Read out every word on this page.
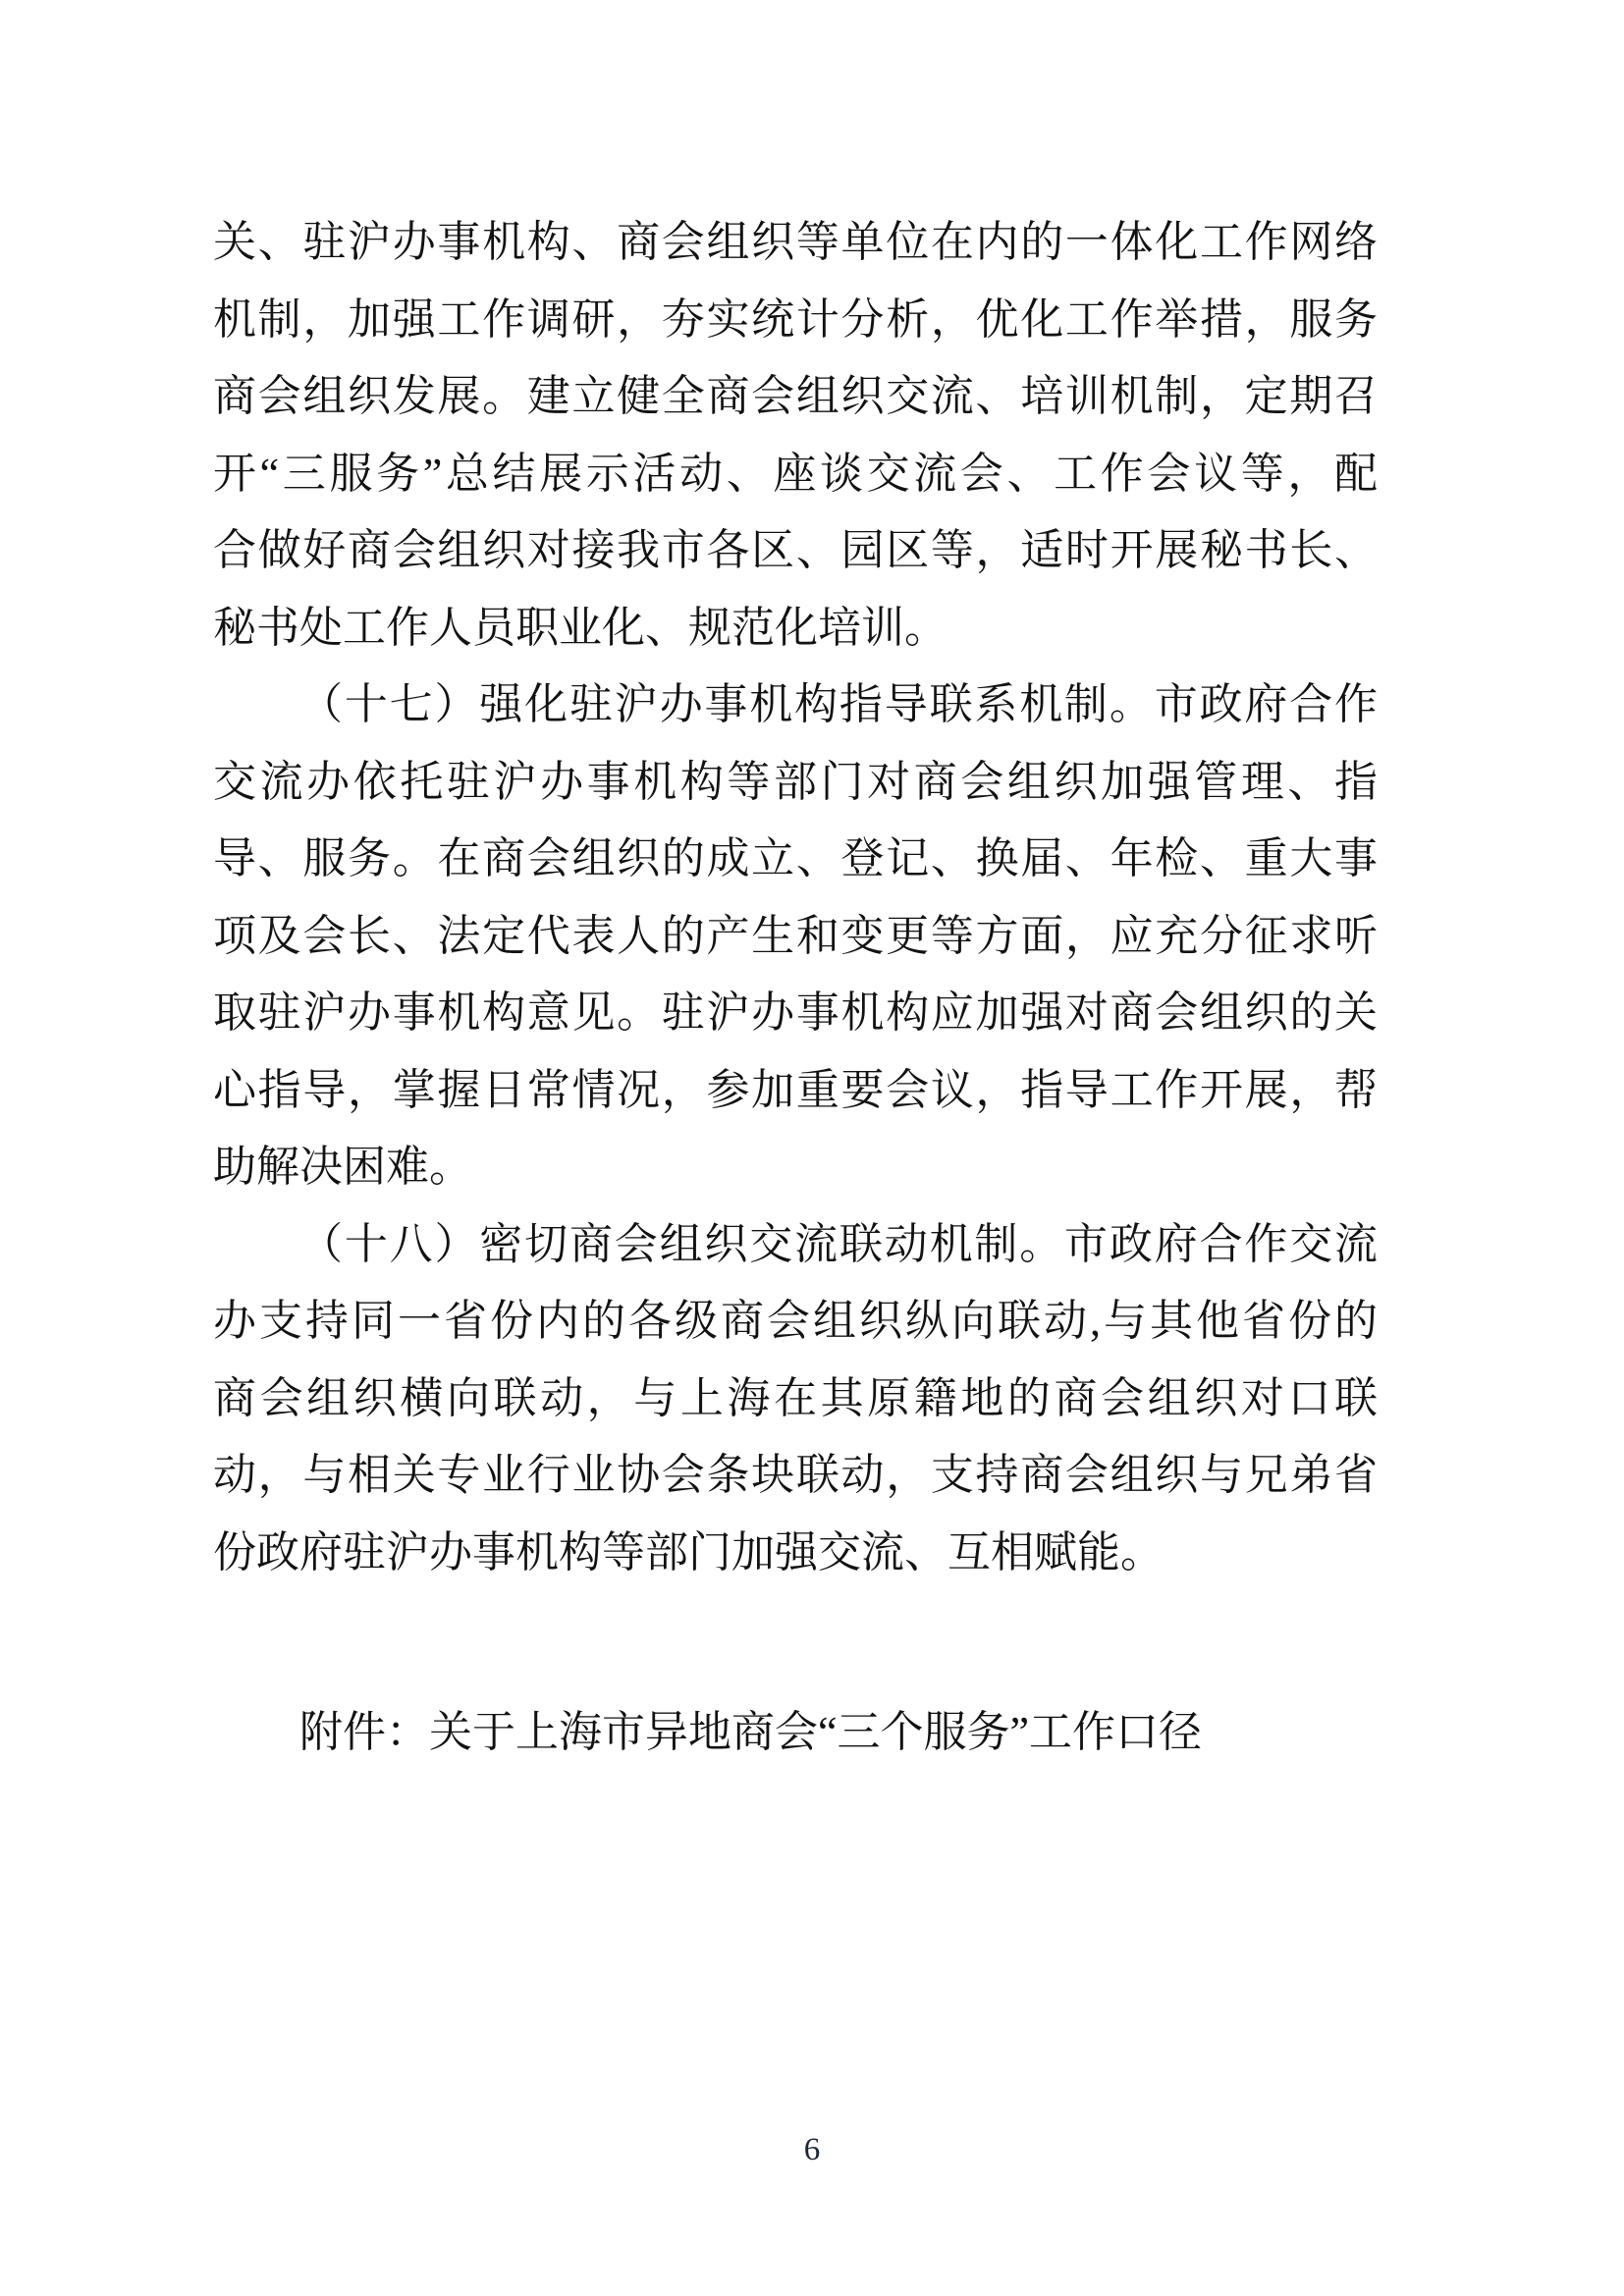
关、驻沪办事机构、商会组织等单位在内的一体化工作网络
机制，加强工作调研，夯实统计分析，优化工作举措，服务
商会组织发展。建立健全商会组织交流、培训机制，定期召
开“三服务”总结展示活动、座谈交流会、工作会议等，配
合做好商会组织对接我市各区、园区等，适时开展秘书长、
秘书处工作人员职业化、规范化培训。
（十七）强化驻沪办事机构指导联系机制。市政府合作
交流办依托驻沪办事机构等部门对商会组织加强管理、指
导、服务。在商会组织的成立、登记、换届、年检、重大事
项及会长、法定代表人的产生和变更等方面，应充分征求听
取驻沪办事机构意见。驻沪办事机构应加强对商会组织的关
心指导，掌握日常情况，参加重要会议，指导工作开展，帮
助解决困难。
（十八）密切商会组织交流联动机制。市政府合作交流
办支持同一省份内的各级商会组织纵向联动,与其他省份的
商会组织横向联动，与上海在其原籍地的商会组织对口联
动，与相关专业行业协会条块联动，支持商会组织与兄弟省
份政府驻沪办事机构等部门加强交流、互相赋能。
附件：关于上海市异地商会“三个服务”工作口径
6
